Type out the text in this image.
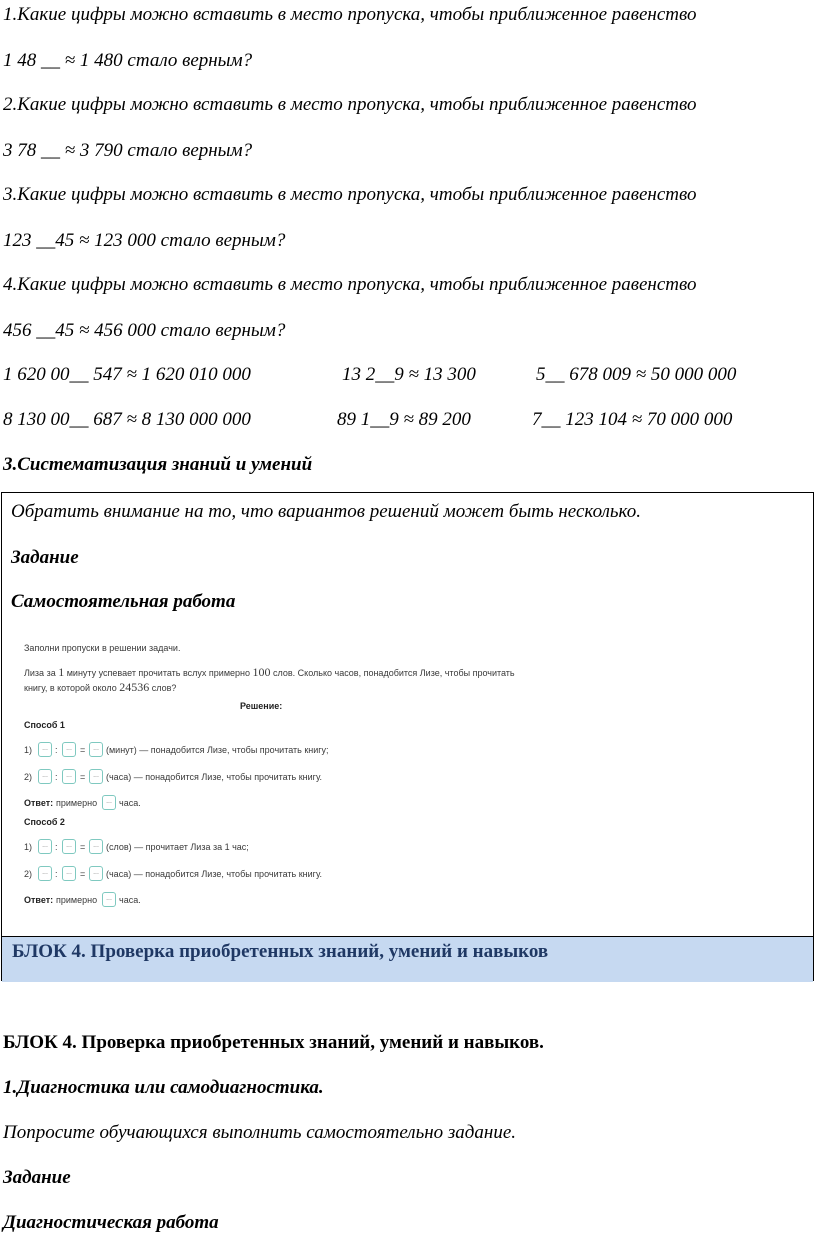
1.Какие цифры можно вставить в место пропуска, чтобы приближенное равенство
1 48 __ ≈ 1 480 стало верным?
2.Какие цифры можно вставить в место пропуска, чтобы приближенное равенство
3 78 __ ≈ 3 790 стало верным?
3.Какие цифры можно вставить в место пропуска, чтобы приближенное равенство
123 __45 ≈ 123 000 стало верным?
4.Какие цифры можно вставить в место пропуска, чтобы приближенное равенство
456 __45 ≈ 456 000 стало верным?
1 620 00__ 547 ≈ 1 620 010 000	13 2__9 ≈ 13 300	5__ 678 009 ≈ 50 000 000
8 130 00__ 687 ≈ 8 130 000 000	89 1__9 ≈ 89 200	7__ 123 104 ≈ 70 000 000
3.Систематизация знаний и умений
Обратить внимание на то, что вариантов решений может быть несколько.
Задание
Самостоятельная работа
Заполни пропуски в решении задачи.
Лиза за 1 минуту успевает прочитать вслух примерно 100 слов. Сколько часов, понадобится Лизе, чтобы прочитать
книгу, в которой около 24536 слов?
Решение:
Способ 1
1)	... :	... =	... (минут) — понадобится Лизе, чтобы прочитать книгу;
2)	... :	... =	... (часа) — понадобится Лизе, чтобы прочитать книгу.
Ответ: примерно	... часа.
Способ 2
1)	... :	... =	... (слов) — прочитает Лиза за 1 час;
2)	... :	... =	... (часа) — понадобится Лизе, чтобы прочитать книгу.
Ответ: примерно	... часа.
БЛОК 4. Проверка приобретенных знаний, умений и навыков
БЛОК 4. Проверка приобретенных знаний, умений и навыков.
1.Диагностика или самодиагностика.
Попросите обучающихся выполнить самостоятельно задание.
Задание
Диагностическая работа
